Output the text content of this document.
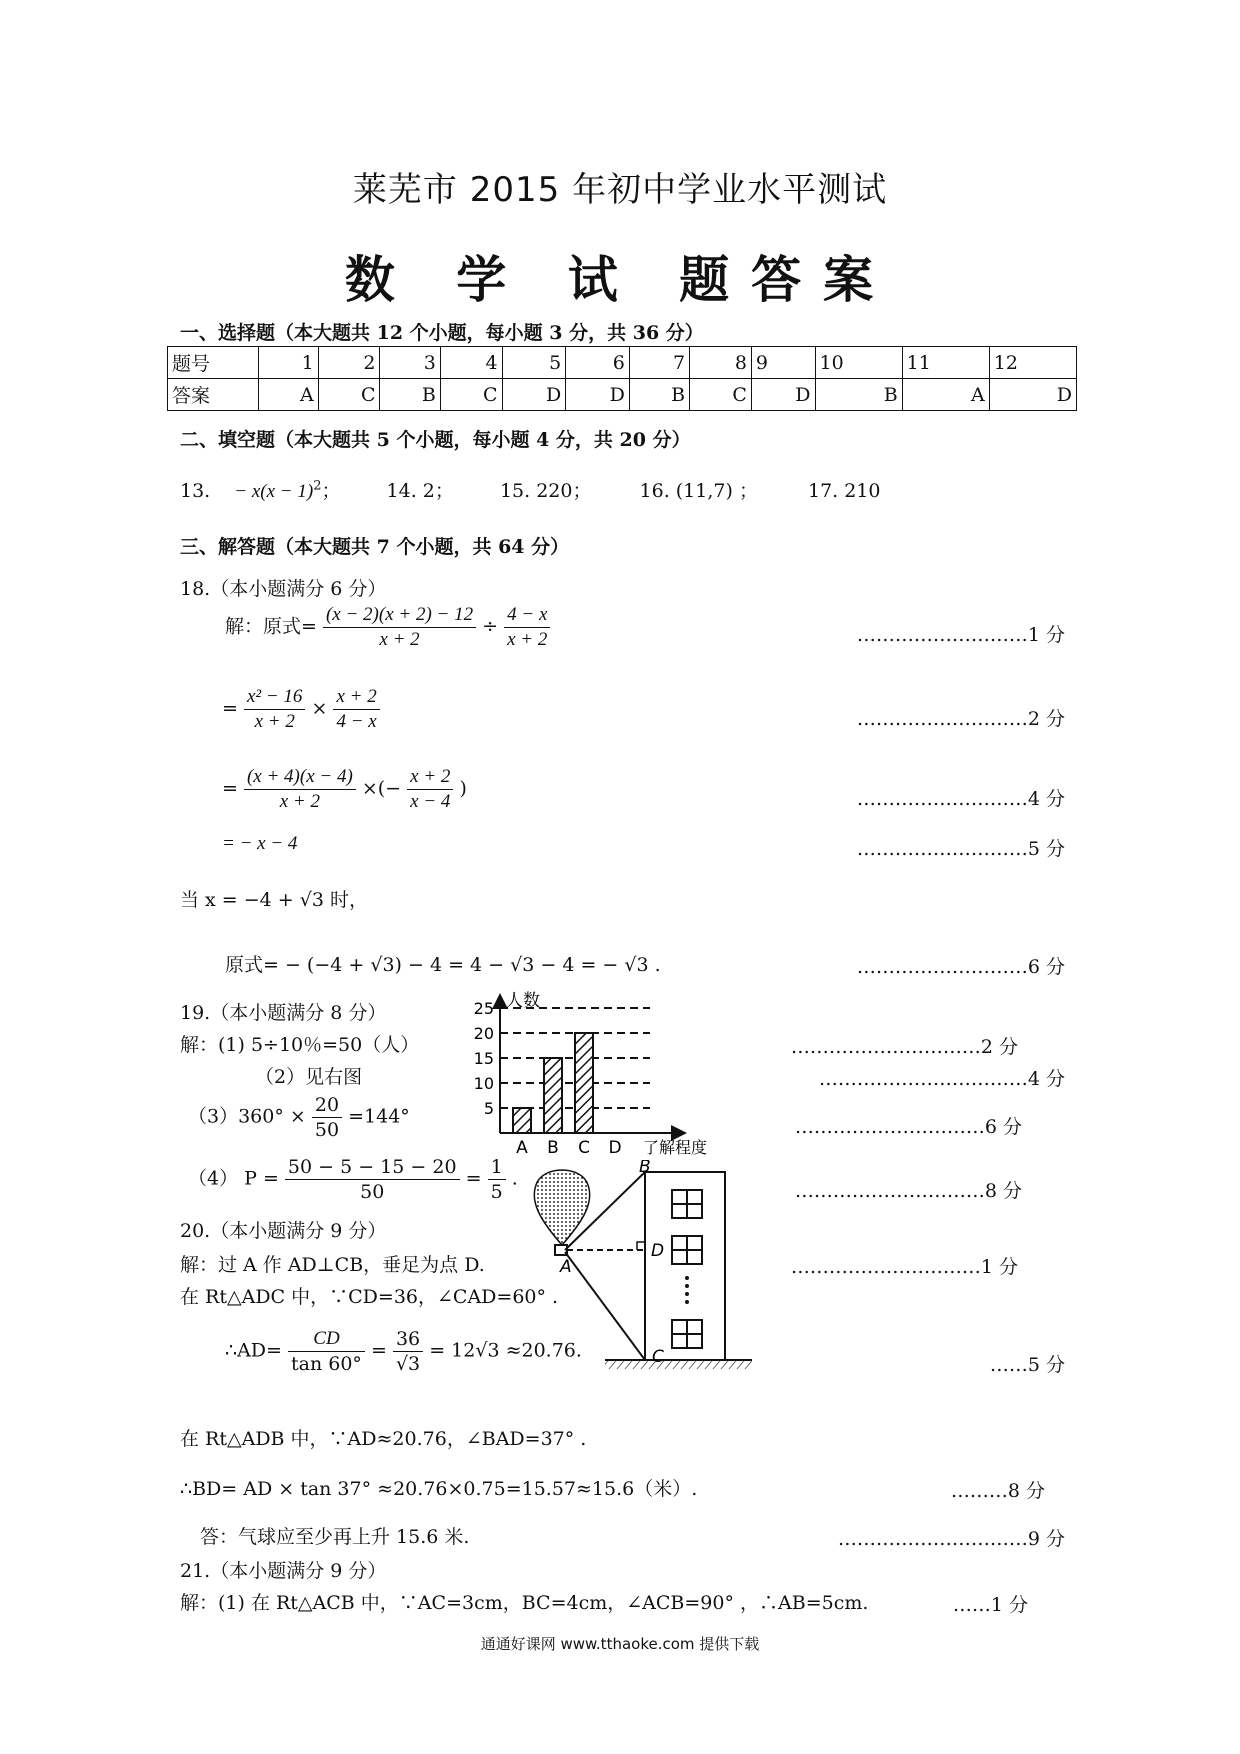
莱芜市 2015 年初中学业水平测试
数 学 试 题答案
一、选择题（本大题共 12 个小题，每小题 3 分，共 36 分）
题号	1	2	3	4	5	6	7	8	9	10	11	12
答案	A	C	B	C	D	D	B	C	D	B	A	D
二、填空题（本大题共 5 个小题，每小题 4 分，共 20 分）
13. − $x(x - 1)^2$； 14. 2； 15. 220；	16. (11,7) ；	17. 210
三、解答题（本大题共 7 个小题，共 64 分）
18.（本小题满分 6 分）
解：原式= $\frac{(x - 2)(x + 2) - 12}{x + 2} \div \frac{4 - x}{x + 2}$	………………………1 分
= $\frac{\text{x² − 16}}{x + 2} \times \frac{x + 2}{4 - x}$	………………………2 分
= $\frac{(x + 4)(x - 4)}{x + 2}$ ×(− $\frac{x + 2}{x - 4}$ )	………………………4 分
= − x − 4	………………………5 分
当 x = −4 + √3 时，
原式= − (−4 + √3) − 4 = 4 − √3 − 4 = − √3 .	………………………6 分
19.（本小题满分 8 分）
解：(1) 5÷10％=50（人）	…………………………2 分
（2）见右图	……………………………4 分
$(3)360^\circ \times \frac{20}{50} =144^\circ$	…………………………6 分
（4） $P = \frac{50 - 5 - 15 - 20}{50} = \frac{1}{5}$ .
…………………………8 分
5
10
15
20
25
A B C D
人数
了解程度
20.（本小题满分 9 分）
解：过 A 作 AD⊥CB，垂足为点 D.	…………………………1 分
在 Rt△ADC 中，∵CD=36，∠CAD=60° .
∴AD= $\frac{CD}{\tan 60^\circ} = \frac{36}{√3} = 12√3 \approx 20.76$.
……5 分
在 Rt△ADB 中，∵AD≈20.76，∠BAD=37° .
∴BD= AD × tan 37° ≈20.76×0.75=15.57≈15.6（米）.	………8 分
答：气球应至少再上升 15.6 米.	…………………………9 分
B
D
A
C
21.（本小题满分 9 分）
解：(1) 在 Rt△ACB 中，∵AC=3cm，BC=4cm，∠ACB=90° ，∴AB=5cm.	……1 分
通通好课网 www.tthaoke.com 提供下载
